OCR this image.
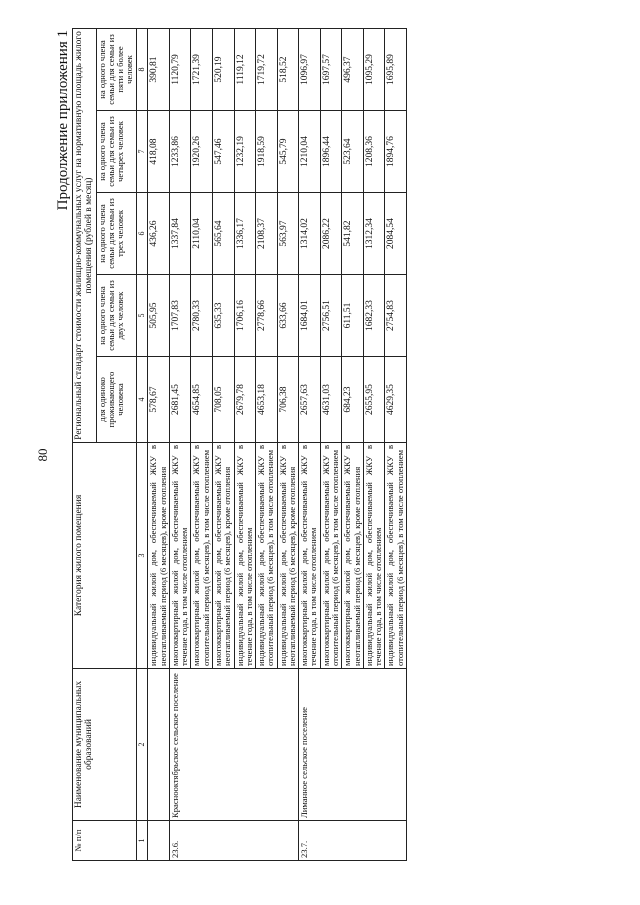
80
Продолжение приложения 1
№ п/п	Наименование муниципальных образований	Категория жилого помещения	Региональный стандарт стоимости жилищно-коммунальных услуг на нормативную площадь жилого помещения (рублей в месяц)				
			для одиноко проживающего человека	на одного члена семьи для семьи из двух человек	на одного члена семьи для семьи из трех человек	на одного члена семьи для семьи из четырех человек	на одного члена семьи для семьи из пяти и более человек
1	2	3	4	5	6	7	8
		индивидуальный жилой дом, обеспечиваемый ЖКУ в неотапливаемый период (6 месяцев), кроме отопления	578,67	505,95	436,26	418,08	390,81
23.6.	Краснооктябрьское сельское поселение	многоквартирный жилой дом, обеспечиваемый ЖКУ в течение года, в том числе отоплением	2681,45	1707,83	1337,84	1233,86	1120,79
		многоквартирный жилой дом, обеспечиваемый ЖКУ в отопительный период (6 месяцев), в том числе отоплением	4654,85	2780,33	2110,04	1920,26	1721,39
		многоквартирный жилой дом, обеспечиваемый ЖКУ в неотапливаемый период (6 месяцев), кроме отопления	708,05	635,33	565,64	547,46	520,19
		индивидуальный жилой дом, обеспечиваемый ЖКУ в течение года, в том числе отоплением	2679,78	1706,16	1336,17	1232,19	1119,12
		индивидуальный жилой дом, обеспечиваемый ЖКУ в отопительный период (6 месяцев), в том числе отоплением	4653,18	2778,66	2108,37	1918,59	1719,72
		индивидуальный жилой дом, обеспечиваемый ЖКУ в неотапливаемый период (6 месяцев), кроме отопления	706,38	633,66	563,97	545,79	518,52
23.7.	Лиманное сельское поселение	многоквартирный жилой дом, обеспечиваемый ЖКУ в течение года, в том числе отоплением	2657,63	1684,01	1314,02	1210,04	1096,97
		многоквартирный жилой дом, обеспечиваемый ЖКУ в отопительный период (6 месяцев), в том числе отоплением	4631,03	2756,51	2086,22	1896,44	1697,57
		многоквартирный жилой дом, обеспечиваемый ЖКУ в неотапливаемый период (6 месяцев), кроме отопления	684,23	611,51	541,82	523,64	496,37
		индивидуальный жилой дом, обеспечиваемый ЖКУ в течение года, в том числе отоплением	2655,95	1682,33	1312,34	1208,36	1095,29
		индивидуальный жилой дом, обеспечиваемый ЖКУ в отопительный период (6 месяцев), в том числе отоплением	4629,35	2754,83	2084,54	1894,76	1695,89
